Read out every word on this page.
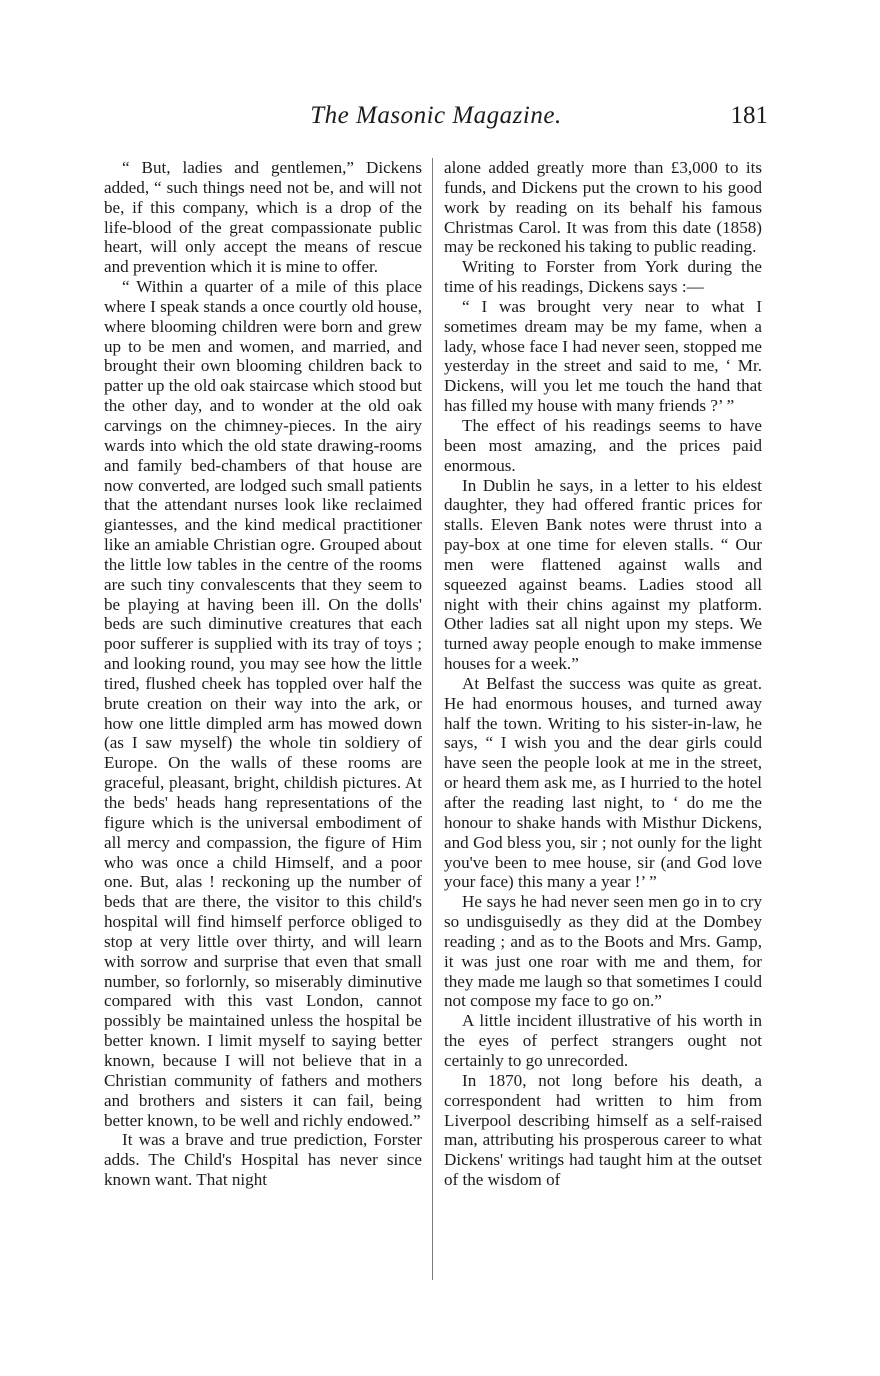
The Masonic Magazine.	181

“ But, ladies and gentlemen,” Dickens added, “ such things need not be, and will not be, if this company, which is a drop of the life-blood of the great compassionate public heart, will only accept the means of rescue and prevention which it is mine to offer.

“ Within a quarter of a mile of this place where I speak stands a once courtly old house, where blooming children were born and grew up to be men and women, and married, and brought their own blooming children back to patter up the old oak staircase which stood but the other day, and to wonder at the old oak carvings on the chimney-pieces. In the airy wards into which the old state drawing-rooms and family bed-chambers of that house are now converted, are lodged such small patients that the attendant nurses look like reclaimed giantesses, and the kind medical practitioner like an amiable Christian ogre. Grouped about the little low tables in the centre of the rooms are such tiny convalescents that they seem to be playing at having been ill. On the dolls' beds are such diminutive creatures that each poor sufferer is supplied with its tray of toys ; and looking round, you may see how the little tired, flushed cheek has toppled over half the brute creation on their way into the ark, or how one little dimpled arm has mowed down (as I saw myself) the whole tin soldiery of Europe. On the walls of these rooms are graceful, pleasant, bright, childish pictures. At the beds' heads hang representations of the figure which is the universal embodiment of all mercy and compassion, the figure of Him who was once a child Himself, and a poor one. But, alas ! reckoning up the number of beds that are there, the visitor to this child's hospital will find himself perforce obliged to stop at very little over thirty, and will learn with sorrow and surprise that even that small number, so forlornly, so miserably diminutive compared with this vast London, cannot possibly be maintained unless the hospital be better known. I limit myself to saying better known, because I will not believe that in a Christian community of fathers and mothers and brothers and sisters it can fail, being better known, to be well and richly endowed.”

It was a brave and true prediction, Forster adds. The Child's Hospital has never since known want. That night

alone added greatly more than £3,000 to its funds, and Dickens put the crown to his good work by reading on its behalf his famous Christmas Carol. It was from this date (1858) may be reckoned his taking to public reading.

Writing to Forster from York during the time of his readings, Dickens says :—

“ I was brought very near to what I sometimes dream may be my fame, when a lady, whose face I had never seen, stopped me yesterday in the street and said to me, ‘ Mr. Dickens, will you let me touch the hand that has filled my house with many friends ?’ ”

The effect of his readings seems to have been most amazing, and the prices paid enormous.

In Dublin he says, in a letter to his eldest daughter, they had offered frantic prices for stalls. Eleven Bank notes were thrust into a pay-box at one time for eleven stalls. “ Our men were flattened against walls and squeezed against beams. Ladies stood all night with their chins against my platform. Other ladies sat all night upon my steps. We turned away people enough to make immense houses for a week.”

At Belfast the success was quite as great. He had enormous houses, and turned away half the town. Writing to his sister-in-law, he says, “ I wish you and the dear girls could have seen the people look at me in the street, or heard them ask me, as I hurried to the hotel after the reading last night, to ‘ do me the honour to shake hands with Misthur Dickens, and God bless you, sir ; not ounly for the light you've been to mee house, sir (and God love your face) this many a year !’ ”

He says he had never seen men go in to cry so undisguisedly as they did at the Dombey reading ; and as to the Boots and Mrs. Gamp, it was just one roar with me and them, for they made me laugh so that sometimes I could not compose my face to go on.”

A little incident illustrative of his worth in the eyes of perfect strangers ought not certainly to go unrecorded.

In 1870, not long before his death, a correspondent had written to him from Liverpool describing himself as a self-raised man, attributing his prosperous career to what Dickens' writings had taught him at the outset of the wisdom of
